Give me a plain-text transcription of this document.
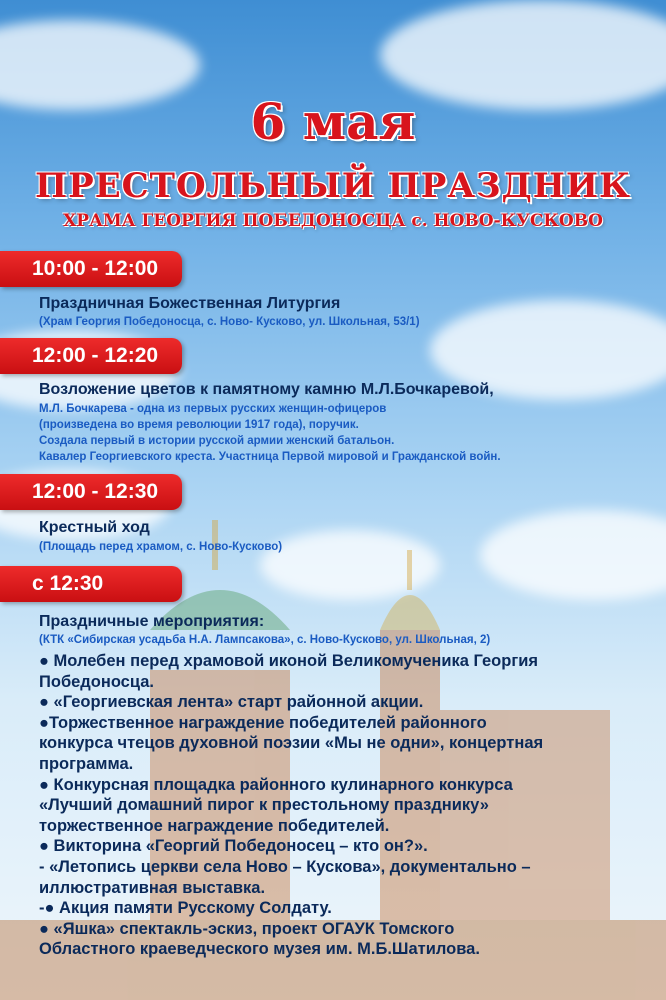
6 мая
ПРЕСТОЛЬНЫЙ ПРАЗДНИК
ХРАМА ГЕОРГИЯ ПОБЕДОНОСЦА с. НОВО-КУСКОВО
10:00 - 12:00
Праздничная Божественная Литургия
(Храм Георгия Победоносца, с. Ново- Кусково, ул. Школьная, 53/1)
12:00 - 12:20
Возложение цветов к памятному камню М.Л.Бочкаревой,
М.Л. Бочкарева - одна из первых русских женщин-офицеров
(произведена во время революции 1917 года), поручик.
Создала первый в истории русской армии женский батальон.
Кавалер Георгиевского креста. Участница Первой мировой и Гражданской войн.
12:00 - 12:30
Крестный ход
(Площадь перед храмом, с. Ново-Кусково)
с 12:30
Праздничные мероприятия:
(КТК «Сибирская усадьба Н.А. Лампсакова», с. Ново-Кусково, ул. Школьная, 2)
● Молебен перед храмовой иконой Великомученика Георгия
Победоносца.
● «Георгиевская лента» старт районной акции.
●Торжественное награждение победителей районного
конкурса чтецов духовной поэзии «Мы не одни», концертная
программа.
● Конкурсная площадка районного кулинарного конкурса
«Лучший домашний пирог к престольному празднику»
торжественное награждение победителей.
● Викторина «Георгий Победоносец – кто он?».
- «Летопись церкви села Ново – Кускова», документально –
иллюстративная выставка.
-● Акция памяти Русскому Солдату.
● «Яшка» спектакль-эскиз, проект ОГАУК Томского
Областного краеведческого музея им. М.Б.Шатилова.
